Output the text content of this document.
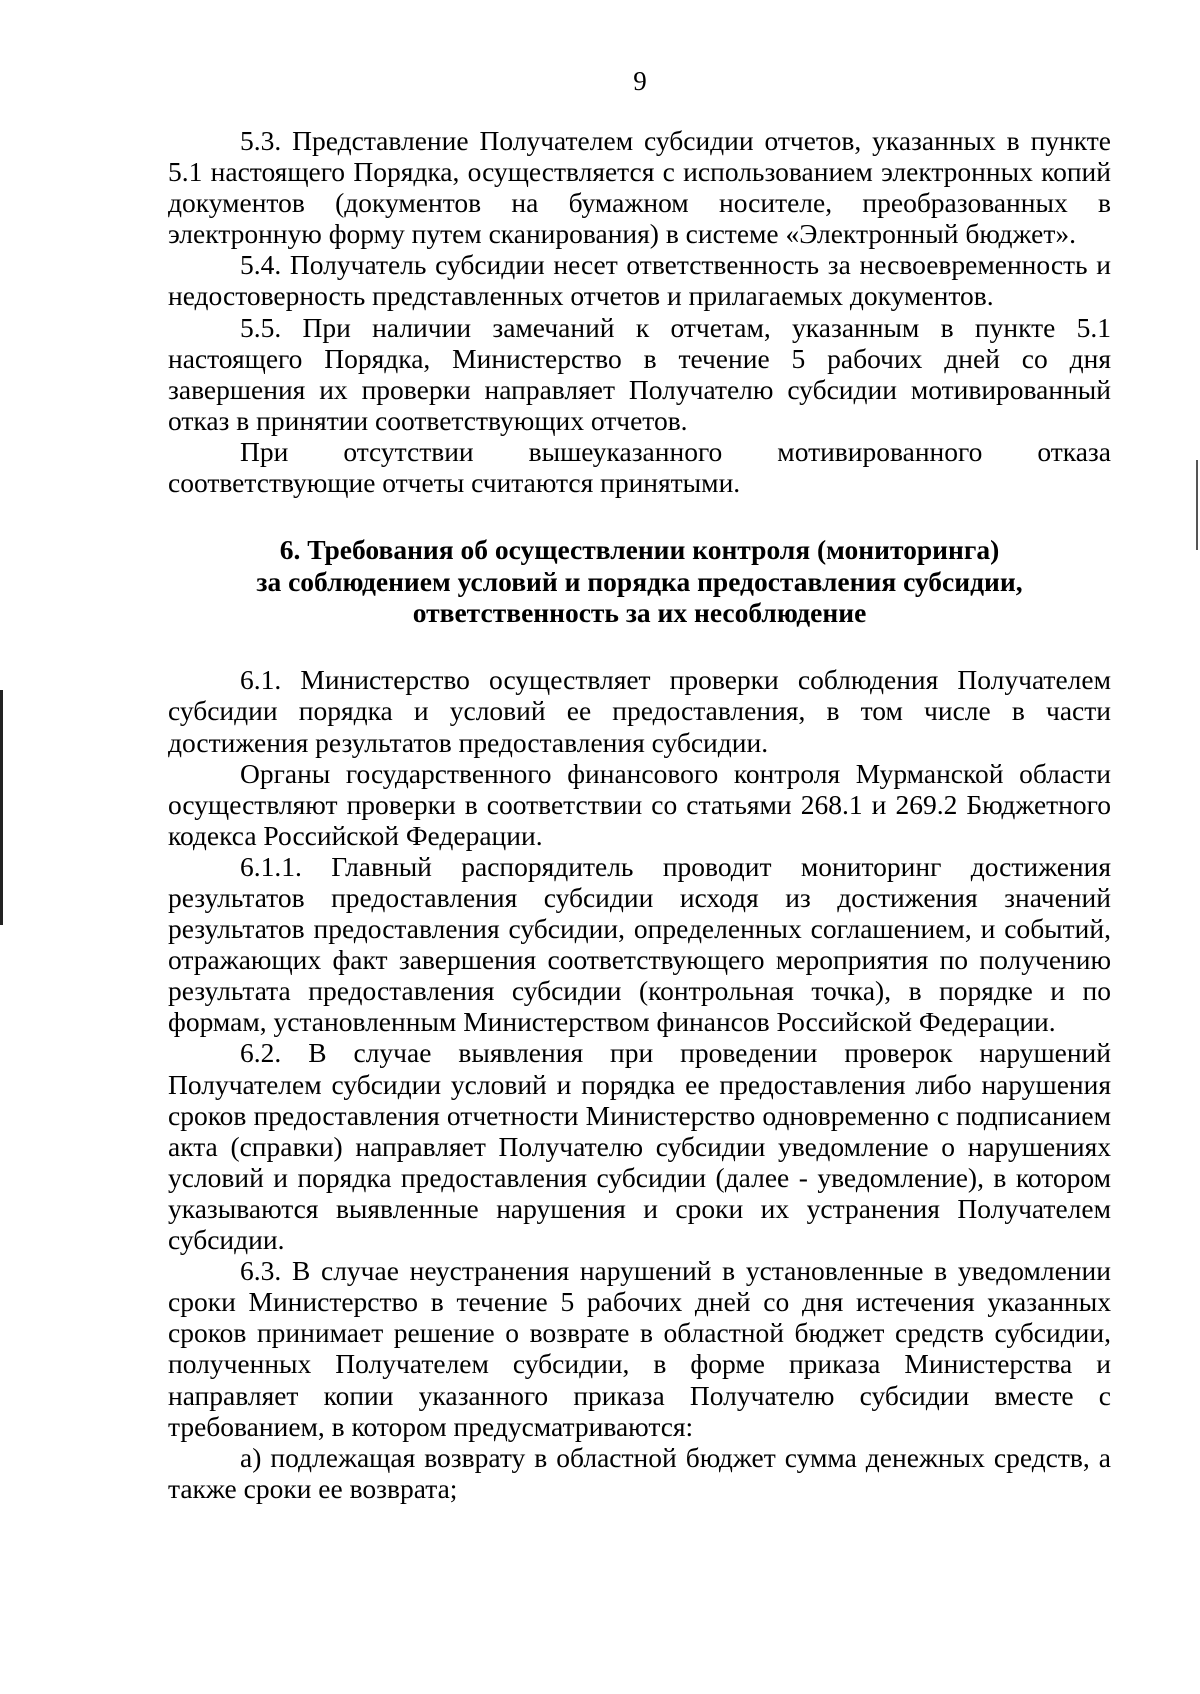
9

5.3. Представление Получателем субсидии отчетов, указанных в пункте 5.1 настоящего Порядка, осуществляется с использованием электронных копий документов (документов на бумажном носителе, преобразованных в электронную форму путем сканирования) в системе «Электронный бюджет».

5.4. Получатель субсидии несет ответственность за несвоевременность и недостоверность представленных отчетов и прилагаемых документов.

5.5. При наличии замечаний к отчетам, указанным в пункте 5.1 настоящего Порядка, Министерство в течение 5 рабочих дней со дня завершения их проверки направляет Получателю субсидии мотивированный отказ в принятии соответствующих отчетов.

При отсутствии вышеуказанного мотивированного отказа соответствующие отчеты считаются принятыми.

6. Требования об осуществлении контроля (мониторинга)
за соблюдением условий и порядка предоставления субсидии,
ответственность за их несоблюдение

6.1. Министерство осуществляет проверки соблюдения Получателем субсидии порядка и условий ее предоставления, в том числе в части достижения результатов предоставления субсидии.

Органы государственного финансового контроля Мурманской области осуществляют проверки в соответствии со статьями 268.1 и 269.2 Бюджетного кодекса Российской Федерации.

6.1.1. Главный распорядитель проводит мониторинг достижения результатов предоставления субсидии исходя из достижения значений результатов предоставления субсидии, определенных соглашением, и событий, отражающих факт завершения соответствующего мероприятия по получению результата предоставления субсидии (контрольная точка), в порядке и по формам, установленным Министерством финансов Российской Федерации.

6.2. В случае выявления при проведении проверок нарушений Получателем субсидии условий и порядка ее предоставления либо нарушения сроков предоставления отчетности Министерство одновременно с подписанием акта (справки) направляет Получателю субсидии уведомление о нарушениях условий и порядка предоставления субсидии (далее - уведомление), в котором указываются выявленные нарушения и сроки их устранения Получателем субсидии.

6.3. В случае неустранения нарушений в установленные в уведомлении сроки Министерство в течение 5 рабочих дней со дня истечения указанных сроков принимает решение о возврате в областной бюджет средств субсидии, полученных Получателем субсидии, в форме приказа Министерства и направляет копии указанного приказа Получателю субсидии вместе с требованием, в котором предусматриваются:

а) подлежащая возврату в областной бюджет сумма денежных средств, а также сроки ее возврата;
